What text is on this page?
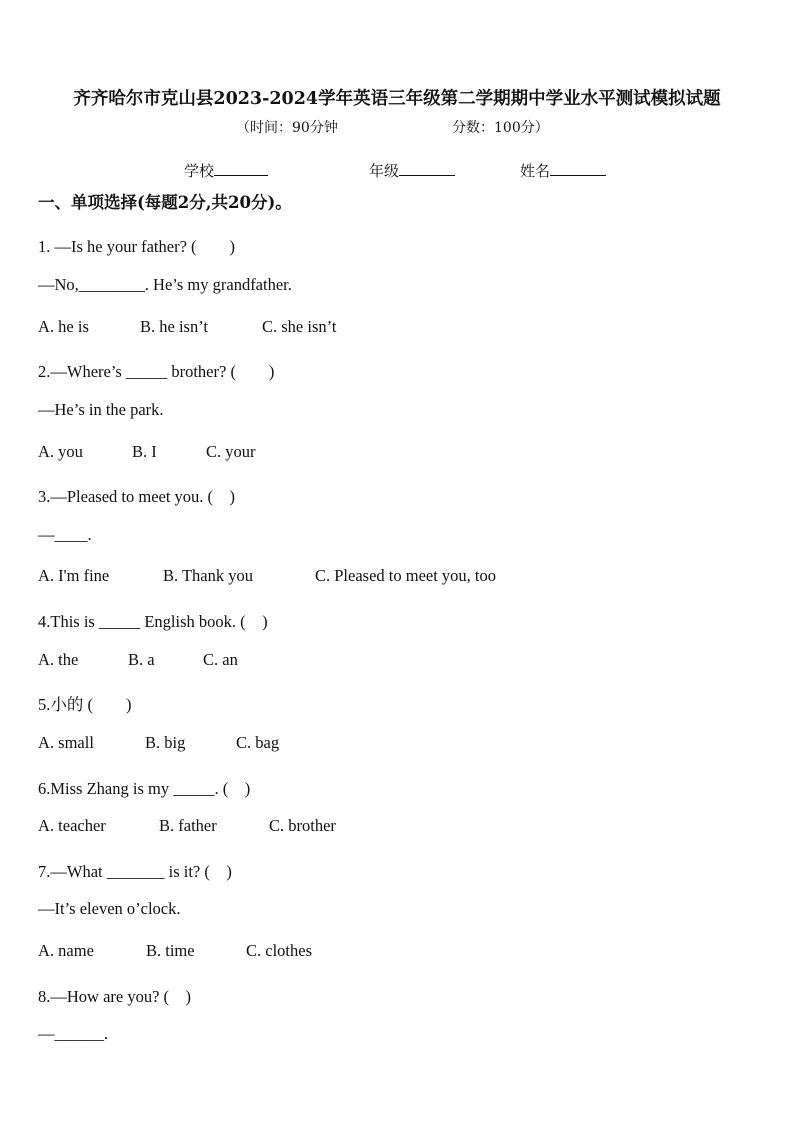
齐齐哈尔市克山县2023-2024学年英语三年级第二学期期中学业水平测试模拟试题
（时间：90分钟	分数：100分）
学校	年级	姓名
一、单项选择(每题2分,共20分)。
1. —Is he your father? (　　)
—No,________. He’s my grandfather.
A. he is	B. he isn’t	C. she isn’t
2.—Where’s _____ brother? (　　)
—He’s in the park.
A. you	B. I	C. your
3.—Pleased to meet you. (　)
—____.
A. I'm fine	B. Thank you	C. Pleased to meet you, too
4.This is _____ English book. (　)
A. the	B. a	C. an
5.小的 (　　)
A. small	B. big	C. bag
6.Miss Zhang is my _____. (　)
A. teacher	B. father	C. brother
7.—What _______ is it? (　)
—It’s eleven o’clock.
A. name	B. time	C. clothes
8.—How are you? (　)
—______.
